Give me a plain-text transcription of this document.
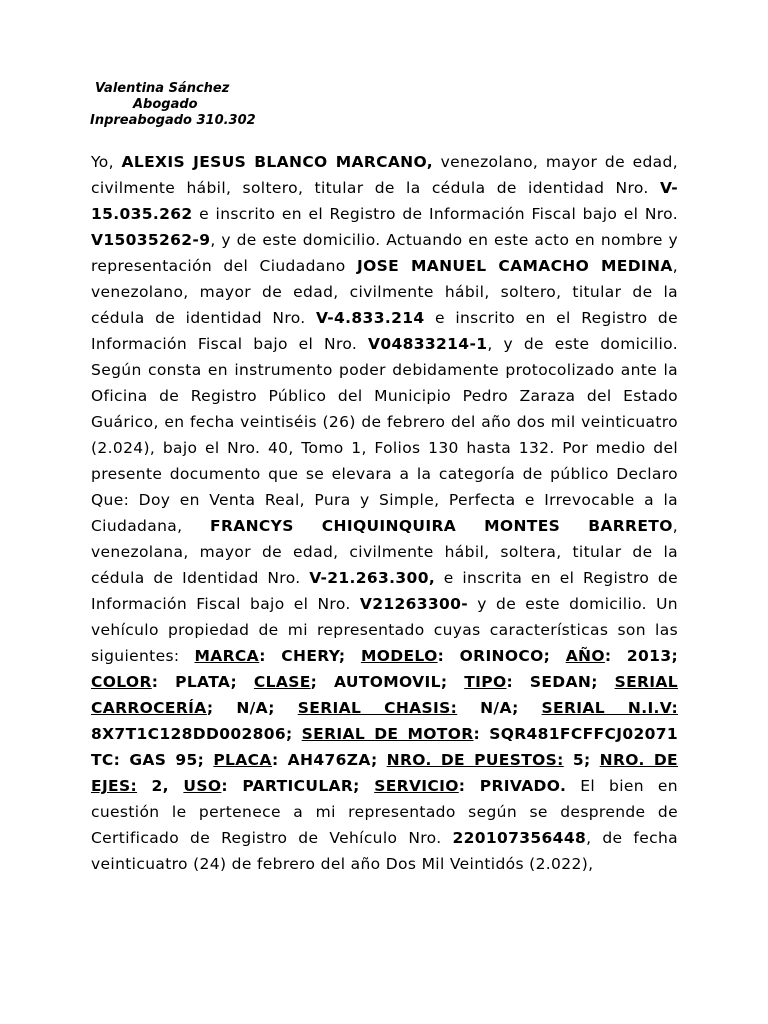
Valentina Sánchez
Abogado
Inpreabogado 310.302

Yo, ALEXIS JESUS BLANCO MARCANO, venezolano, mayor de edad, civilmente hábil, soltero, titular de la cédula de identidad Nro. V-15.035.262 e inscrito en el Registro de Información Fiscal bajo el Nro. V15035262-9, y de este domicilio. Actuando en este acto en nombre y representación del Ciudadano JOSE MANUEL CAMACHO MEDINA, venezolano, mayor de edad, civilmente hábil, soltero, titular de la cédula de identidad Nro. V-4.833.214 e inscrito en el Registro de Información Fiscal bajo el Nro. V04833214-1, y de este domicilio. Según consta en instrumento poder debidamente protocolizado ante la Oficina de Registro Público del Municipio Pedro Zaraza del Estado Guárico, en fecha veintiséis (26) de febrero del año dos mil veinticuatro (2.024), bajo el Nro. 40, Tomo 1, Folios 130 hasta 132. Por medio del presente documento que se elevara a la categoría de público Declaro Que: Doy en Venta Real, Pura y Simple, Perfecta e Irrevocable a la Ciudadana, FRANCYS CHIQUINQUIRA MONTES BARRETO, venezolana, mayor de edad, civilmente hábil, soltera, titular de la cédula de Identidad Nro. V-21.263.300, e inscrita en el Registro de Información Fiscal bajo el Nro. V21263300- y de este domicilio. Un vehículo propiedad de mi representado cuyas características son las siguientes: MARCA: CHERY; MODELO: ORINOCO; AÑO: 2013; COLOR: PLATA; CLASE; AUTOMOVIL; TIPO: SEDAN; SERIAL CARROCERÍA; N/A; SERIAL CHASIS: N/A; SERIAL N.I.V: 8X7T1C128DD002806; SERIAL DE MOTOR: SQR481FCFFCJ02071 TC: GAS 95; PLACA: AH476ZA; NRO. DE PUESTOS: 5; NRO. DE EJES: 2, USO: PARTICULAR; SERVICIO: PRIVADO. El bien en cuestión le pertenece a mi representado según se desprende de Certificado de Registro de Vehículo Nro. 220107356448, de fecha veinticuatro (24) de febrero del año Dos Mil Veintidós (2.022),
